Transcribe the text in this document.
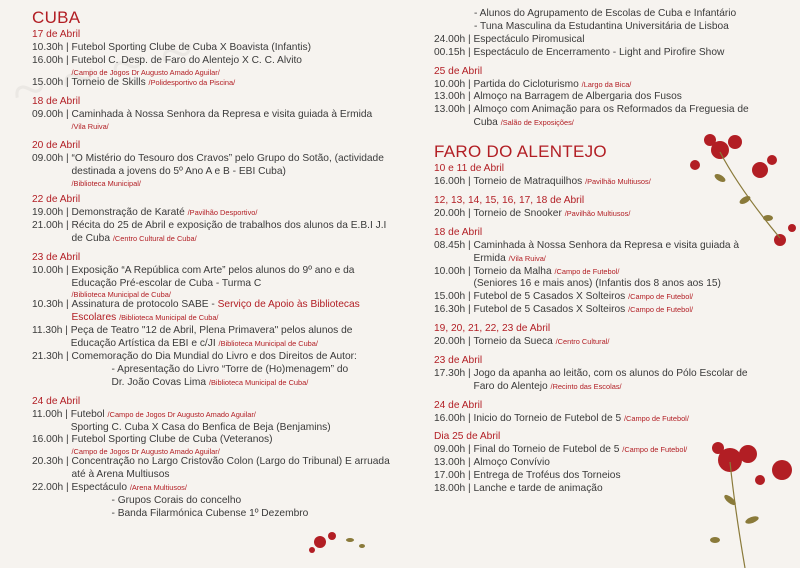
CUBA
17 de Abril
10.30h | Futebol Sporting Clube de Cuba X Boavista (Infantis)
16.00h | Futebol C. Desp. de Faro do Alentejo X C. C. Alvito
/Campo de Jogos Dr Augusto Amado Aguilar/
15.00h | Torneio de Skills /Polidesportivo da Piscina/
18 de Abril
09.00h | Caminhada à Nossa Senhora da Represa e visita guiada à Ermida /Vila Ruiva/
20 de Abril
09.00h | “O Mistério do Tesouro dos Cravos” pelo Grupo do Sotão, (actividade destinada a jovens do 5º Ano A e B - EBI Cuba)
/Biblioteca Municipal/
22 de Abril
19.00h | Demonstração de Karaté /Pavilhão Desportivo/
21.00h | Récita do 25 de Abril e exposição de trabalhos dos alunos da E.B.I J.I de Cuba /Centro Cultural de Cuba/
23 de Abril
10.00h | Exposição “A República com Arte” pelos alunos do 9º ano e da Educação Pré-escolar de Cuba - Turma C
/Biblioteca Municipal de Cuba/
10.30h | Assinatura de protocolo SABE - Serviço de Apoio às Bibliotecas Escolares /Biblioteca Municipal de Cuba/
11.30h | Peça de Teatro "12 de Abril, Plena Primavera" pelos alunos de Educação Artística da EBI e c/JI /Biblioteca Municipal de Cuba/
21.30h | Comemoração do Dia Mundial do Livro e dos Direitos de Autor:
- Apresentação do Livro “Torre de (Ho)menagem” do
Dr. João Covas Lima /Biblioteca Municipal de Cuba/
24 de Abril
11.00h | Futebol /Campo de Jogos Dr Augusto Amado Aguilar/
Sporting C. Cuba X Casa do Benfica de Beja (Benjamins)
16.00h | Futebol Sporting Clube de Cuba (Veteranos)
/Campo de Jogos Dr Augusto Amado Aguilar/
20.30h | Concentração no Largo Cristovão Colon (Largo do Tribunal) E arruada até à Arena Multiusos
22.00h | Espectáculo /Arena Multiusos/
- Grupos Corais do concelho
- Banda Filarmónica Cubense 1º Dezembro
- Alunos do Agrupamento de Escolas de Cuba e Infantário
- Tuna Masculina da Estudantina Universitária de Lisboa
24.00h | Espectáculo Piromusical
00.15h | Espectáculo de Encerramento - Light and Pirofire Show
25 de Abril
10.00h | Partida do Cicloturismo /Largo da Bica/
13.00h | Almoço na Barragem de Albergaria dos Fusos
13.00h | Almoço com Animação para os Reformados da Freguesia de Cuba /Salão de Exposições/
FARO DO ALENTEJO
10 e 11 de Abril
16.00h | Torneio de Matraquilhos /Pavilhão Multiusos/
12, 13, 14, 15, 16, 17, 18 de Abril
20.00h | Torneio de Snooker /Pavilhão Multiusos/
18 de Abril
08.45h | Caminhada à Nossa Senhora da Represa e visita guiada à Ermida /Vila Ruiva/
10.00h | Torneio da Malha /Campo de Futebol/
(Seniores 16 e mais anos) (Infantis dos 8 anos aos 15)
15.00h | Futebol de 5 Casados X Solteiros /Campo de Futebol/
16.30h | Futebol de 5 Casados X Solteiros /Campo de Futebol/
19, 20, 21, 22, 23 de Abril
20.00h | Torneio da Sueca /Centro Cultural/
23 de Abril
17.30h | Jogo da apanha ao leitão, com os alunos do Pólo Escolar de Faro do Alentejo /Recinto das Escolas/
24 de Abril
16.00h | Inicio do Torneio de Futebol de 5 /Campo de Futebol/
Dia 25 de Abril
09.00h | Final do Torneio de Futebol de 5 /Campo de Futebol/
13.00h | Almoço Convívio
17.00h | Entrega de Troféus dos Torneios
18.00h | Lanche e tarde de animação
